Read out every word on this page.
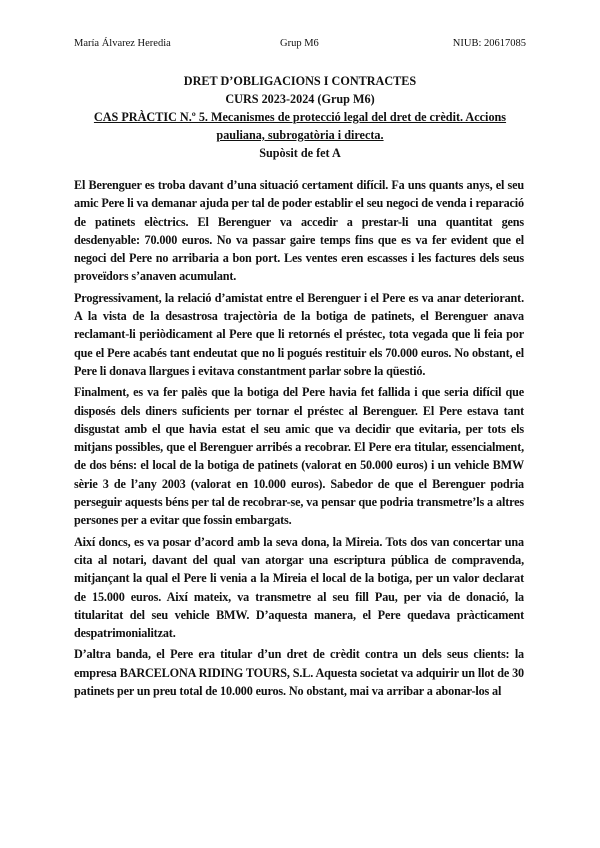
María Álvarez Heredia	Grup M6	NIUB: 20617085
DRET D’OBLIGACIONS I CONTRACTES
CURS 2023-2024 (Grup M6)
CAS PRÀCTIC N.º 5. Mecanismes de protecció legal del dret de crèdit. Accions pauliana, subrogatòria i directa.
Supòsit de fet A

El Berenguer es troba davant d’una situació certament difícil. Fa uns quants anys, el seu amic Pere li va demanar ajuda per tal de poder establir el seu negoci de venda i reparació de patinets elèctrics. El Berenguer va accedir a prestar-li una quantitat gens desdenyable: 70.000 euros. No va passar gaire temps fins que es va fer evident que el negoci del Pere no arribaria a bon port. Les ventes eren escasses i les factures dels seus proveïdors s’anaven acumulant.

Progressivament, la relació d’amistat entre el Berenguer i el Pere es va anar deteriorant. A la vista de la desastrosa trajectòria de la botiga de patinets, el Berenguer anava reclamant-li periòdicament al Pere que li retornés el préstec, tota vegada que li feia por que el Pere acabés tant endeutat que no li pogués restituir els 70.000 euros. No obstant, el Pere li donava llargues i evitava constantment parlar sobre la qüestió.

Finalment, es va fer palès que la botiga del Pere havia fet fallida i que seria difícil que disposés dels diners suficients per tornar el préstec al Berenguer. El Pere estava tant disgustat amb el que havia estat el seu amic que va decidir que evitaria, per tots els mitjans possibles, que el Berenguer arribés a recobrar. El Pere era titular, essencialment, de dos béns: el local de la botiga de patinets (valorat en 50.000 euros) i un vehicle BMW sèrie 3 de l’any 2003 (valorat en 10.000 euros). Sabedor de que el Berenguer podria perseguir aquests béns per tal de recobrar-se, va pensar que podria transmetre’ls a altres persones per a evitar que fossin embargats.

Així doncs, es va posar d’acord amb la seva dona, la Mireia. Tots dos van concertar una cita al notari, davant del qual van atorgar una escriptura pública de compravenda, mitjançant la qual el Pere li venia a la Mireia el local de la botiga, per un valor declarat de 15.000 euros. Així mateix, va transmetre al seu fill Pau, per via de donació, la titularitat del seu vehicle BMW. D’aquesta manera, el Pere quedava pràcticament despatrimonialitzat.

D’altra banda, el Pere era titular d’un dret de crèdit contra un dels seus clients: la empresa BARCELONA RIDING TOURS, S.L. Aquesta societat va adquirir un llot de 30 patinets per un preu total de 10.000 euros. No obstant, mai va arribar a abonar-los al
